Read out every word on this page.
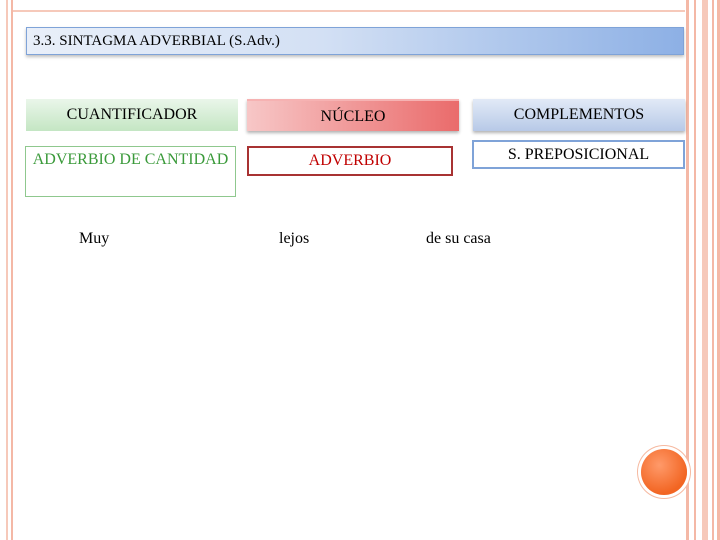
3.3. SINTAGMA ADVERBIAL (S.Adv.)
CUANTIFICADOR	NÚCLEO	COMPLEMENTOS
ADVERBIO DE CANTIDAD	ADVERBIO	S. PREPOSICIONAL
Muy	lejos	de su casa
